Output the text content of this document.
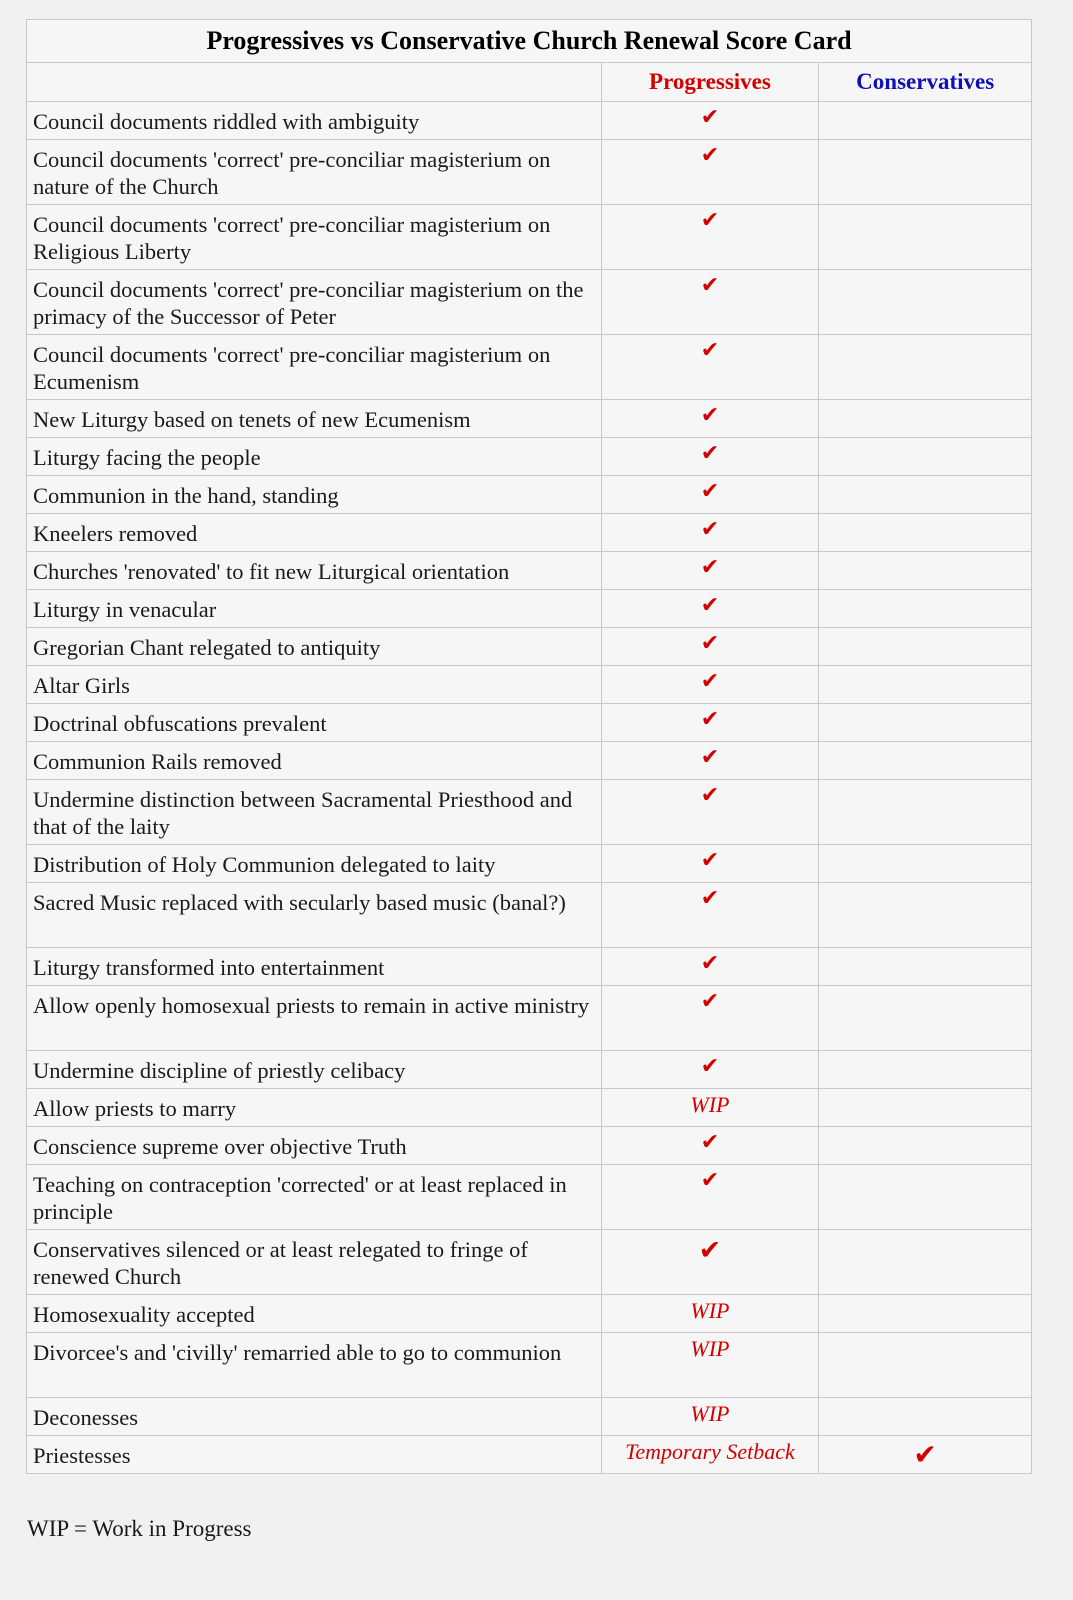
Progressives vs Conservative Church Renewal Score Card		
	Progressives	Conservatives
Council documents riddled with ambiguity	✔	
Council documents 'correct' pre-conciliar magisterium on nature of the Church	✔	
Council documents 'correct' pre-conciliar magisterium on Religious Liberty	✔	
Council documents 'correct' pre-conciliar magisterium on the primacy of the Successor of Peter	✔	
Council documents 'correct' pre-conciliar magisterium on Ecumenism	✔	
New Liturgy based on tenets of new Ecumenism	✔	
Liturgy facing the people	✔	
Communion in the hand, standing	✔	
Kneelers removed	✔	
Churches 'renovated' to fit new Liturgical orientation	✔	
Liturgy in venacular	✔	
Gregorian Chant relegated to antiquity	✔	
Altar Girls	✔	
Doctrinal obfuscations prevalent	✔	
Communion Rails removed	✔	
Undermine distinction between Sacramental Priesthood and that of the laity	✔	
Distribution of Holy Communion delegated to laity	✔	
Sacred Music replaced with secularly based music (banal?)	✔	
Liturgy transformed into entertainment	✔	
Allow openly homosexual priests to remain in active ministry	✔	
Undermine discipline of priestly celibacy	✔	
Allow priests to marry	WIP	
Conscience supreme over objective Truth	✔	
Teaching on contraception 'corrected' or at least replaced in principle	✔	
Conservatives silenced or at least relegated to fringe of renewed Church	✔	
Homosexuality accepted	WIP	
Divorcee's and 'civilly' remarried able to go to communion	WIP	
Deconesses	WIP	
Priestesses	Temporary Setback	✔
WIP = Work in Progress
